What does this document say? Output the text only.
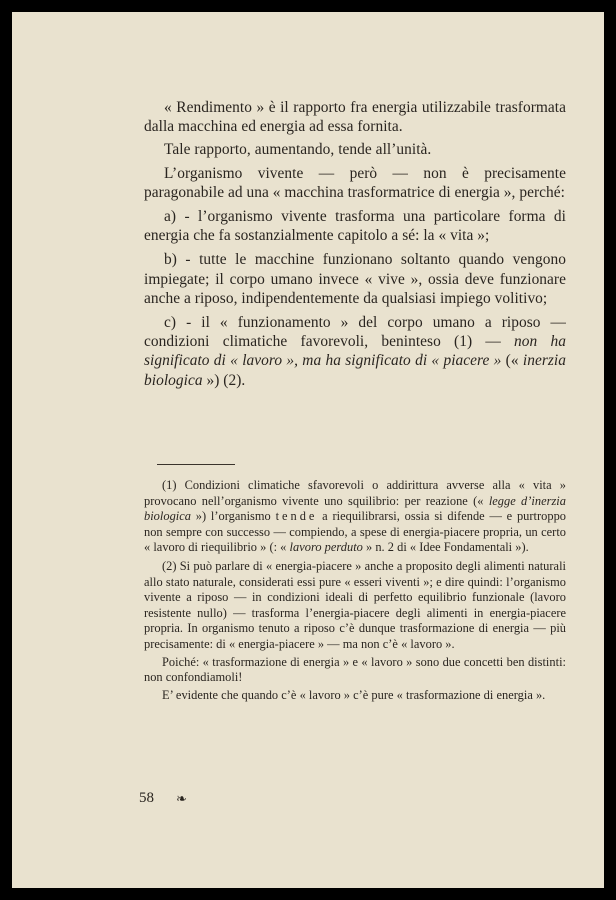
« Rendimento » è il rapporto fra energia utilizzabile trasformata dalla macchina ed energia ad essa fornita.

Tale rapporto, aumentando, tende all’unità.

L’organismo vivente — però — non è precisamente paragonabile ad una « macchina trasformatrice di energia », perché:

a) - l’organismo vivente trasforma una particolare forma di energia che fa sostanzialmente capitolo a sé: la « vita »;

b) - tutte le macchine funzionano soltanto quando vengono impiegate; il corpo umano invece « vive », ossia deve funzionare anche a riposo, indipendentemente da qualsiasi impiego volitivo;

c) - il « funzionamento » del corpo umano a riposo — condizioni climatiche favorevoli, beninteso (1) — non ha significato di « lavoro », ma ha significato di « piacere » (« inerzia biologica ») (2).

(1) Condizioni climatiche sfavorevoli o addirittura avverse alla « vita » provocano nell’organismo vivente uno squilibrio: per reazione (« legge d’inerzia biologica ») l’organismo tende a riequilibrarsi, ossia si difende — e purtroppo non sempre con successo — compiendo, a spese di energia-piacere propria, un certo « lavoro di riequilibrio » (: « lavoro perduto » n. 2 di « Idee Fondamentali »).

(2) Si può parlare di « energia-piacere » anche a proposito degli alimenti naturali allo stato naturale, considerati essi pure « esseri viventi »; e dire quindi: l’organismo vivente a riposo — in condizioni ideali di perfetto equilibrio funzionale (lavoro resistente nullo) — trasforma l’energia-piacere degli alimenti in energia-piacere propria. In organismo tenuto a riposo c’è dunque trasformazione di energia — più precisamente: di « energia-piacere » — ma non c’è « lavoro ».

Poiché: « trasformazione di energia » e « lavoro » sono due concetti ben distinti: non confondiamoli!

E’ evidente che quando c’è « lavoro » c’è pure « trasformazione di energia ».

58 ❧
